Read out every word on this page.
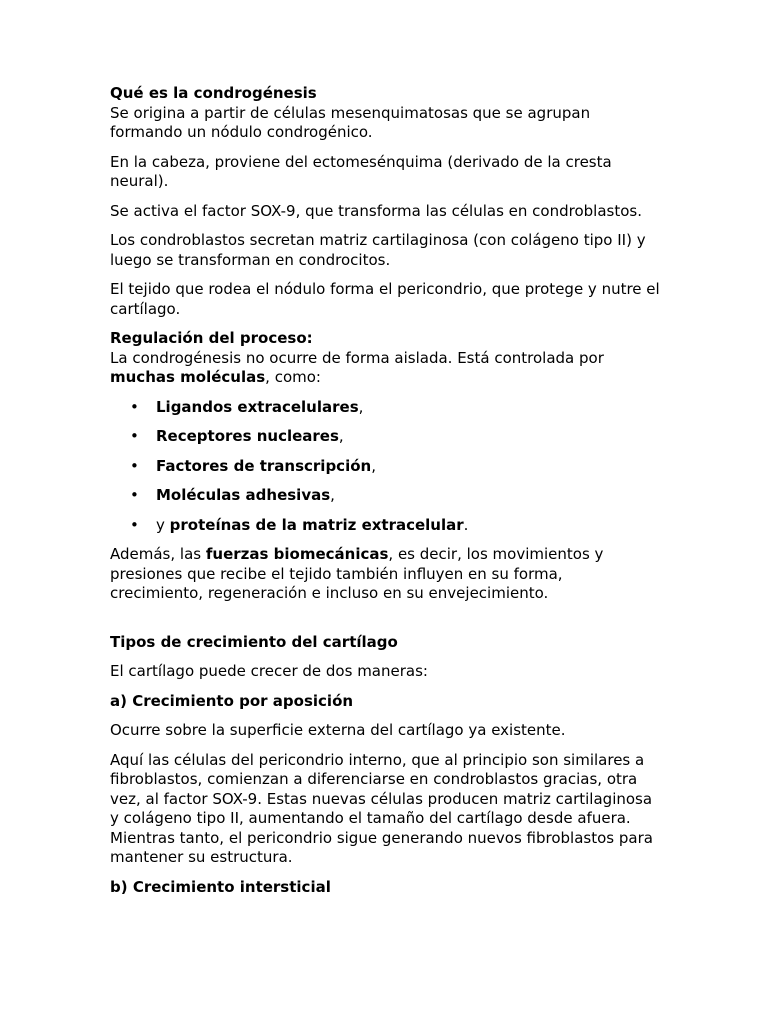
Qué es la condrogénesis

Se origina a partir de células mesenquimatosas que se agrupan formando un nódulo condrogénico.

En la cabeza, proviene del ectomesénquima (derivado de la cresta neural).

Se activa el factor SOX-9, que transforma las células en condroblastos.

Los condroblastos secretan matriz cartilaginosa (con colágeno tipo II) y luego se transforman en condrocitos.

El tejido que rodea el nódulo forma el pericondrio, que protege y nutre el cartílago.

Regulación del proceso:

La condrogénesis no ocurre de forma aislada. Está controlada por muchas moléculas, como:

• Ligandos extracelulares,
• Receptores nucleares,
• Factores de transcripción,
• Moléculas adhesivas,
• y proteínas de la matriz extracelular.

Además, las fuerzas biomecánicas, es decir, los movimientos y presiones que recibe el tejido también influyen en su forma, crecimiento, regeneración e incluso en su envejecimiento.

Tipos de crecimiento del cartílago

El cartílago puede crecer de dos maneras:

a) Crecimiento por aposición

Ocurre sobre la superficie externa del cartílago ya existente.

Aquí las células del pericondrio interno, que al principio son similares a fibroblastos, comienzan a diferenciarse en condroblastos gracias, otra vez, al factor SOX-9. Estas nuevas células producen matriz cartilaginosa y colágeno tipo II, aumentando el tamaño del cartílago desde afuera. Mientras tanto, el pericondrio sigue generando nuevos fibroblastos para mantener su estructura.

b) Crecimiento intersticial
